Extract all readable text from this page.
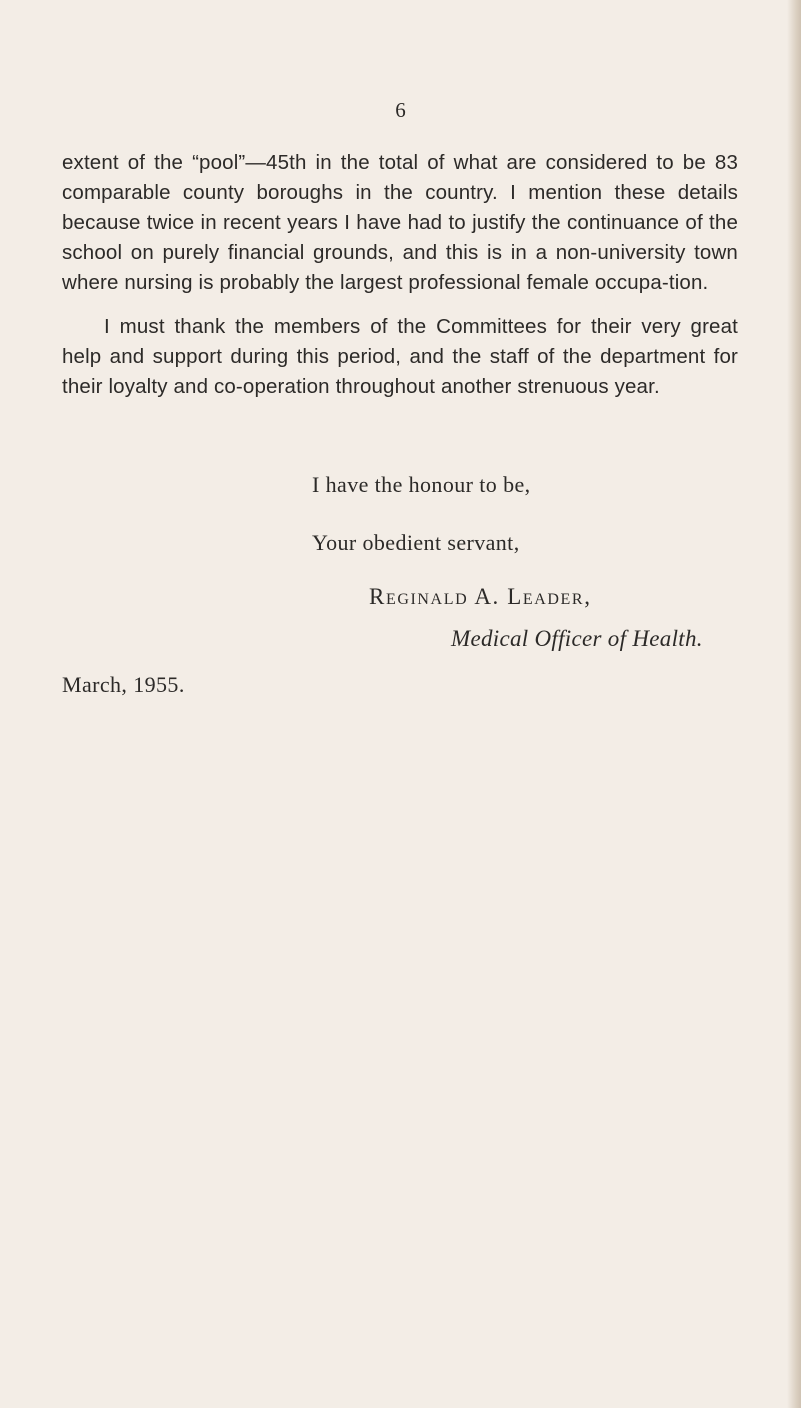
6

extent of the “pool”—45th in the total of what are considered to be 83 comparable county boroughs in the country. I mention these details because twice in recent years I have had to justify the continuance of the school on purely financial grounds, and this is in a non-university town where nursing is probably the largest professional female occupa-tion.

I must thank the members of the Committees for their very great help and support during this period, and the staff of the department for their loyalty and co-operation throughout another strenuous year.

I have the honour to be,
Your obedient servant,
Reginald A. Leader,
Medical Officer of Health.
March, 1955.
